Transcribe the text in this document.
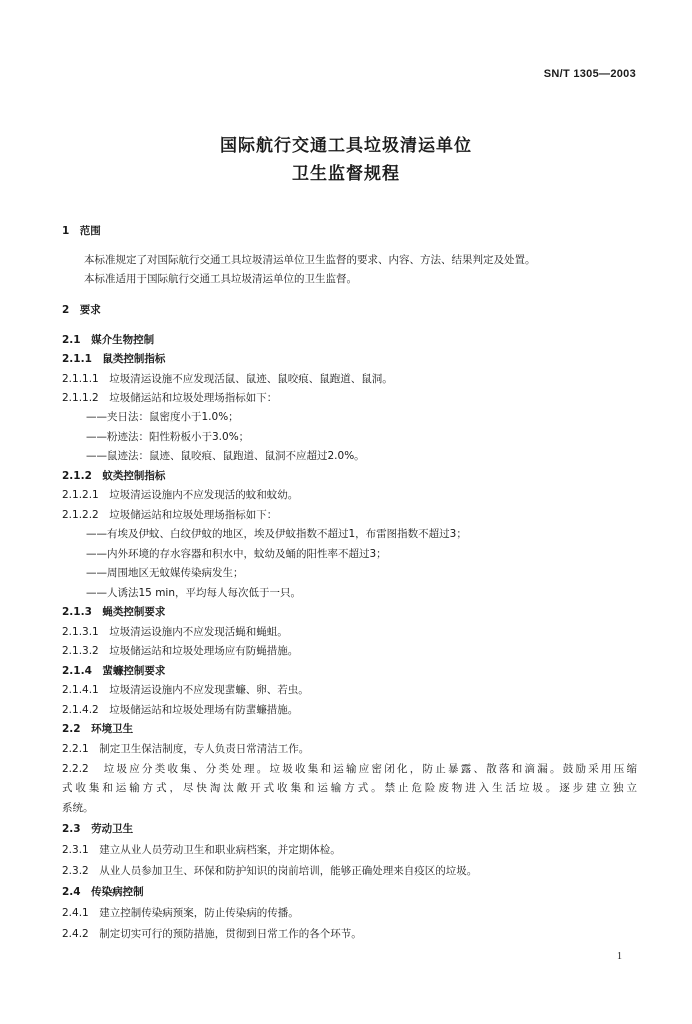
SN/T 1305—2003
国际航行交通工具垃圾清运单位
卫生监督规程
1　范围
本标准规定了对国际航行交通工具垃圾清运单位卫生监督的要求、内容、方法、结果判定及处置。
本标准适用于国际航行交通工具垃圾清运单位的卫生监督。
2　要求
2.1　媒介生物控制
2.1.1　鼠类控制指标
2.1.1.1　垃圾清运设施不应发现活鼠、鼠迹、鼠咬痕、鼠跑道、鼠洞。
2.1.1.2　垃圾储运站和垃圾处理场指标如下：
——夹日法：鼠密度小于1.0%；
——粉迹法：阳性粉板小于3.0%；
——鼠迹法：鼠迹、鼠咬痕、鼠跑道、鼠洞不应超过2.0%。
2.1.2　蚊类控制指标
2.1.2.1　垃圾清运设施内不应发现活的蚊和蚊幼。
2.1.2.2　垃圾储运站和垃圾处理场指标如下：
——有埃及伊蚊、白纹伊蚊的地区，埃及伊蚊指数不超过1，布雷图指数不超过3；
——内外环境的存水容器和积水中，蚊幼及蛹的阳性率不超过3；
——周围地区无蚊媒传染病发生；
——人诱法15 min，平均每人每次低于一只。
2.1.3　蝇类控制要求
2.1.3.1　垃圾清运设施内不应发现活蝇和蝇蛆。
2.1.3.2　垃圾储运站和垃圾处理场应有防蝇措施。
2.1.4　蜚蠊控制要求
2.1.4.1　垃圾清运设施内不应发现蜚蠊、卵、若虫。
2.1.4.2　垃圾储运站和垃圾处理场有防蜚蠊措施。
2.2　环境卫生
2.2.1　制定卫生保洁制度，专人负责日常清洁工作。
2.2.2　垃圾应分类收集、分类处理。垃圾收集和运输应密闭化，防止暴露、散落和滴漏。鼓励采用压缩
式收集和运输方式，尽快淘汰敞开式收集和运输方式。禁止危险废物进入生活垃圾。逐步建立独立
系统。
2.3　劳动卫生
2.3.1　建立从业人员劳动卫生和职业病档案，并定期体检。
2.3.2　从业人员参加卫生、环保和防护知识的岗前培训，能够正确处理来自疫区的垃圾。
2.4　传染病控制
2.4.1　建立控制传染病预案，防止传染病的传播。
2.4.2　制定切实可行的预防措施，贯彻到日常工作的各个环节。
1
